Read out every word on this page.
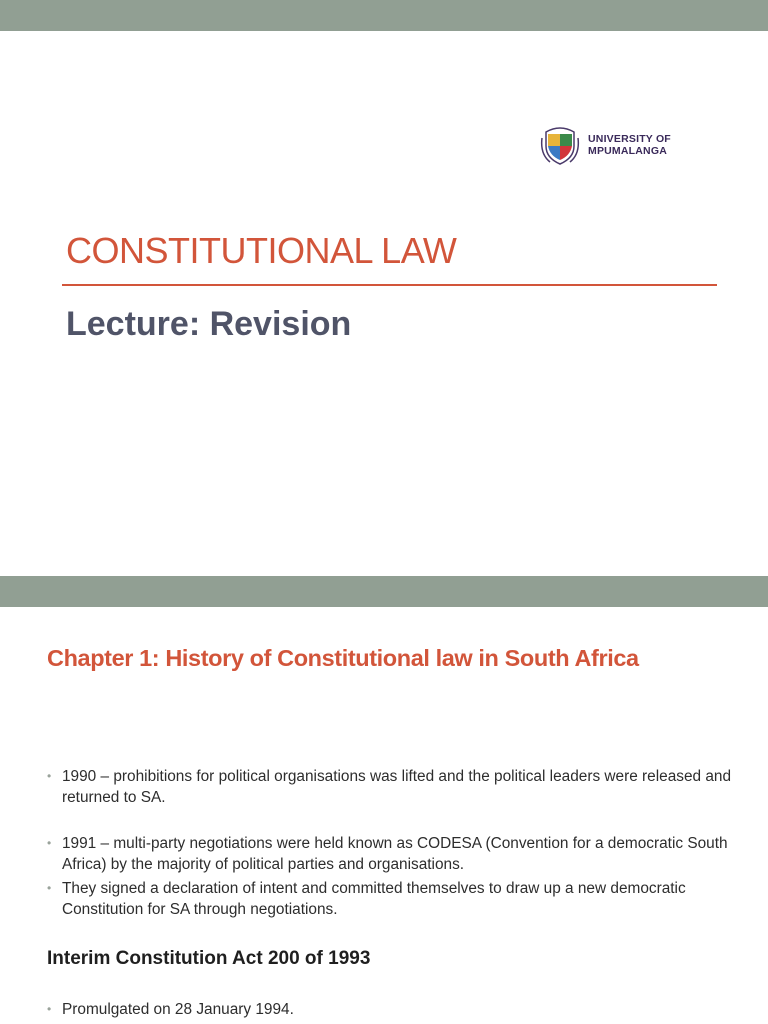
UNIVERSITY OF
MPUMALANGA
CONSTITUTIONAL LAW
Lecture: Revision
Chapter 1: History of Constitutional law in South Africa
• 1990 – prohibitions for political organisations was lifted and the political leaders were released and returned to SA.
• 1991 – multi-party negotiations were held known as CODESA (Convention for a democratic South Africa) by the majority of political parties and organisations.
• They signed a declaration of intent and committed themselves to draw up a new democratic Constitution for SA through negotiations.
Interim Constitution Act 200 of 1993
• Promulgated on 28 January 1994.
